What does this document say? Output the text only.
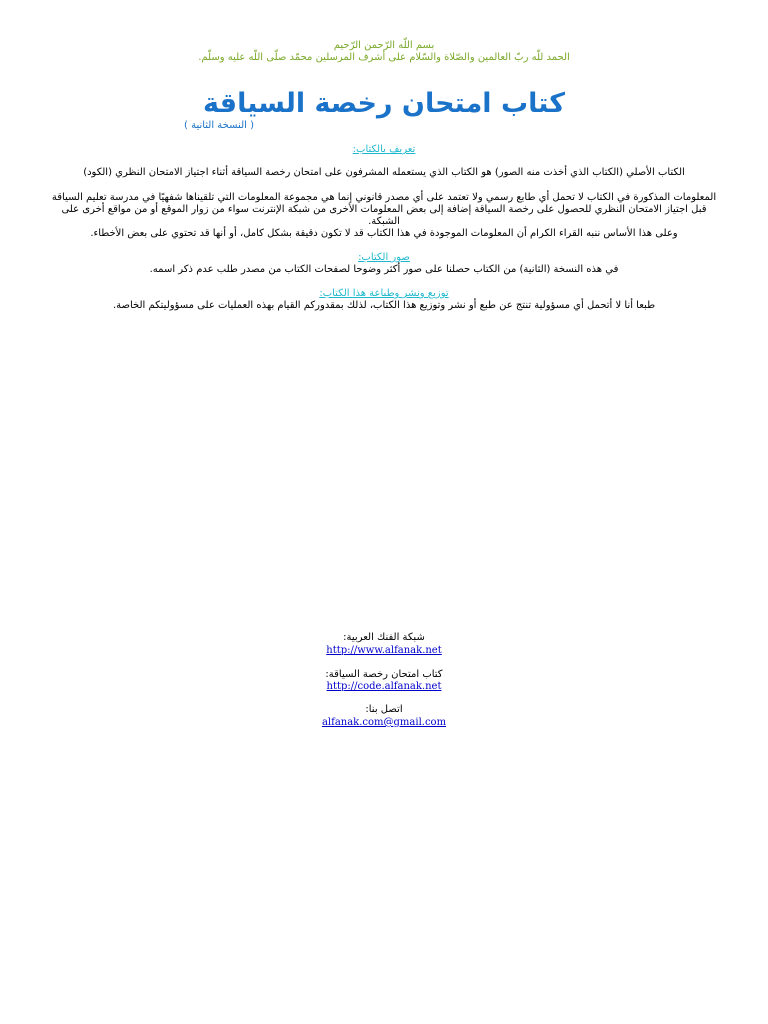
بسم اللّه الرّحمن الرّحيم
الحمد للّه ربّ العالمين والصّلاة والسّلام على أشرف المرسلين محمّد صلّى اللّه عليه وسلّم.
كتاب امتحان رخصة السياقة
( النسخة الثانية )
تعريف بالكتاب:
الكتاب الأصلي (الكتاب الذي أخذت منه الصور) هو الكتاب الذي يستعمله المشرفون على امتحان رخصة السياقة أثناء اجتياز الامتحان النظري (الكود)
المعلومات المذكورة في الكتاب لا تحمل أي طابع رسمي ولا تعتمد على أي مصدر قانوني إنما هي مجموعة المعلومات التي تلقيناها شفهيًا في مدرسة تعليم السياقة
قبل اجتياز الامتحان النظري للحصول على رخصة السياقة إضافة إلى بعض المعلومات الأخرى من شبكة الإنترنت سواء من زوار الموقع أو من مواقع أخرى على
الشبكة.
وعلى هذا الأساس ننبه القراء الكرام أن المعلومات الموجودة في هذا الكتاب قد لا تكون دقيقة بشكل كامل، أو أنها قد تحتوي على بعض الأخطاء.
صور الكتاب:
في هذه النسخة (الثانية) من الكتاب حصلنا على صور أكثر وضوحا لصفحات الكتاب من مصدر طلب عدم ذكر اسمه.
توزيع ونشر وطباعة هذا الكتاب:
طبعا أنا لا أتحمل أي مسؤولية تنتج عن طبع أو نشر وتوزيع هذا الكتاب، لذلك بمقدوركم القيام بهذه العمليات على مسؤوليتكم الخاصة.
شبكة الفنك العربية:
http://www.alfanak.net
كتاب امتحان رخصة السياقة:
http://code.alfanak.net
اتصل بنا:
alfanak.com@gmail.com
